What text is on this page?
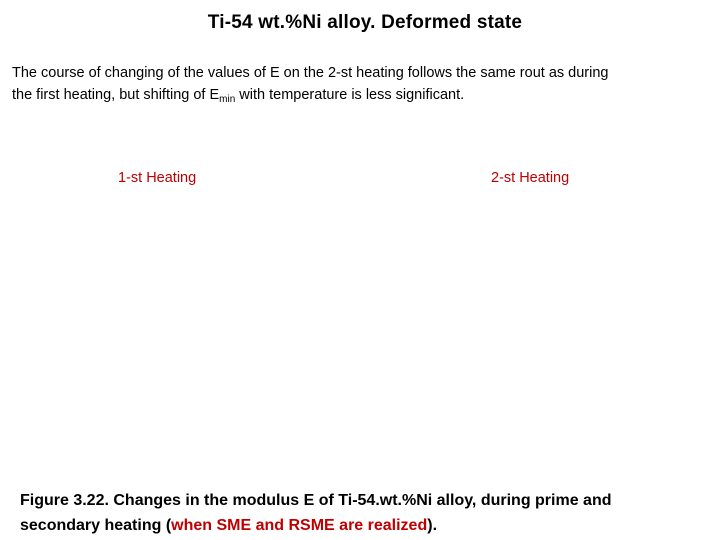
Ti-54 wt.%Ni alloy. Deformed state
The course of changing of the values of E on the 2-st heating follows the same rout as during
the first heating, but shifting of $E_{min}$ with temperature is less significant.
1-st Heating	2-st Heating
Figure 3.22. Changes in the modulus E of Ti-54.wt.%Ni alloy, during prime and
secondary heating (when SME and RSME are realized).
